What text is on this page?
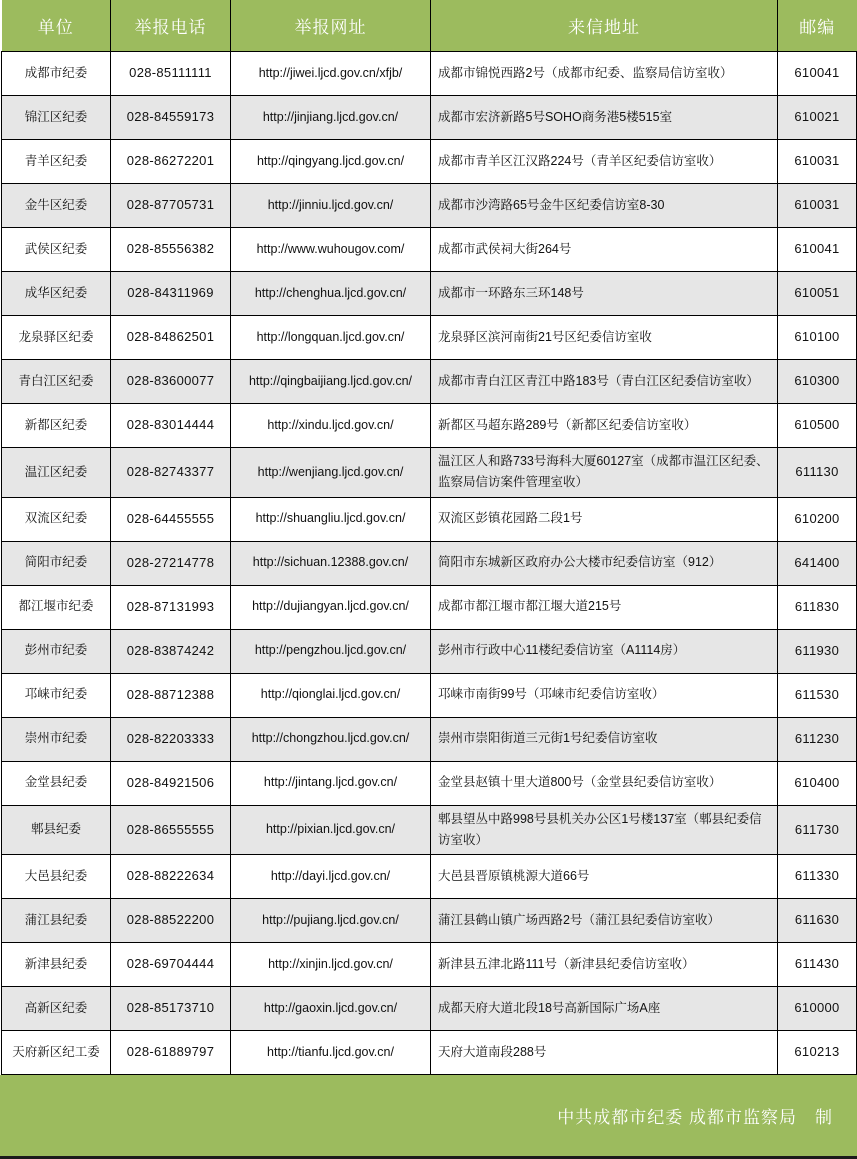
单位	举报电话	举报网址	来信地址	邮编
成都市纪委	028-85111111	http://jiwei.ljcd.gov.cn/xfjb/	成都市锦悦西路2号（成都市纪委、监察局信访室收）	610041
锦江区纪委	028-84559173	http://jinjiang.ljcd.gov.cn/	成都市宏济新路5号SOHO商务港5楼515室	610021
青羊区纪委	028-86272201	http://qingyang.ljcd.gov.cn/	成都市青羊区江汉路224号（青羊区纪委信访室收）	610031
金牛区纪委	028-87705731	http://jinniu.ljcd.gov.cn/	成都市沙湾路65号金牛区纪委信访室8-30	610031
武侯区纪委	028-85556382	http://www.wuhougov.com/	成都市武侯祠大街264号	610041
成华区纪委	028-84311969	http://chenghua.ljcd.gov.cn/	成都市一环路东三环148号	610051
龙泉驿区纪委	028-84862501	http://longquan.ljcd.gov.cn/	龙泉驿区滨河南街21号区纪委信访室收	610100
青白江区纪委	028-83600077	http://qingbaijiang.ljcd.gov.cn/	成都市青白江区青江中路183号（青白江区纪委信访室收）	610300
新都区纪委	028-83014444	http://xindu.ljcd.gov.cn/	新都区马超东路289号（新都区纪委信访室收）	610500
温江区纪委	028-82743377	http://wenjiang.ljcd.gov.cn/	温江区人和路733号海科大厦60127室（成都市温江区纪委、监察局信访案件管理室收）	611130
双流区纪委	028-64455555	http://shuangliu.ljcd.gov.cn/	双流区彭镇花园路二段1号	610200
简阳市纪委	028-27214778	http://sichuan.12388.gov.cn/	简阳市东城新区政府办公大楼市纪委信访室（912）	641400
都江堰市纪委	028-87131993	http://dujiangyan.ljcd.gov.cn/	成都市都江堰市都江堰大道215号	611830
彭州市纪委	028-83874242	http://pengzhou.ljcd.gov.cn/	彭州市行政中心11楼纪委信访室（A1114房）	611930
邛崃市纪委	028-88712388	http://qionglai.ljcd.gov.cn/	邛崃市南街99号（邛崃市纪委信访室收）	611530
崇州市纪委	028-82203333	http://chongzhou.ljcd.gov.cn/	崇州市崇阳街道三元街1号纪委信访室收	611230
金堂县纪委	028-84921506	http://jintang.ljcd.gov.cn/	金堂县赵镇十里大道800号（金堂县纪委信访室收）	610400
郫县纪委	028-86555555	http://pixian.ljcd.gov.cn/	郫县望丛中路998号县机关办公区1号楼137室（郫县纪委信访室收）	611730
大邑县纪委	028-88222634	http://dayi.ljcd.gov.cn/	大邑县晋原镇桃源大道66号	611330
蒲江县纪委	028-88522200	http://pujiang.ljcd.gov.cn/	蒲江县鹤山镇广场西路2号（蒲江县纪委信访室收）	611630
新津县纪委	028-69704444	http://xinjin.ljcd.gov.cn/	新津县五津北路111号（新津县纪委信访室收）	611430
高新区纪委	028-85173710	http://gaoxin.ljcd.gov.cn/	成都天府大道北段18号高新国际广场A座	610000
天府新区纪工委	028-61889797	http://tianfu.ljcd.gov.cn/	天府大道南段288号	610213
中共成都市纪委 成都市监察局　制
